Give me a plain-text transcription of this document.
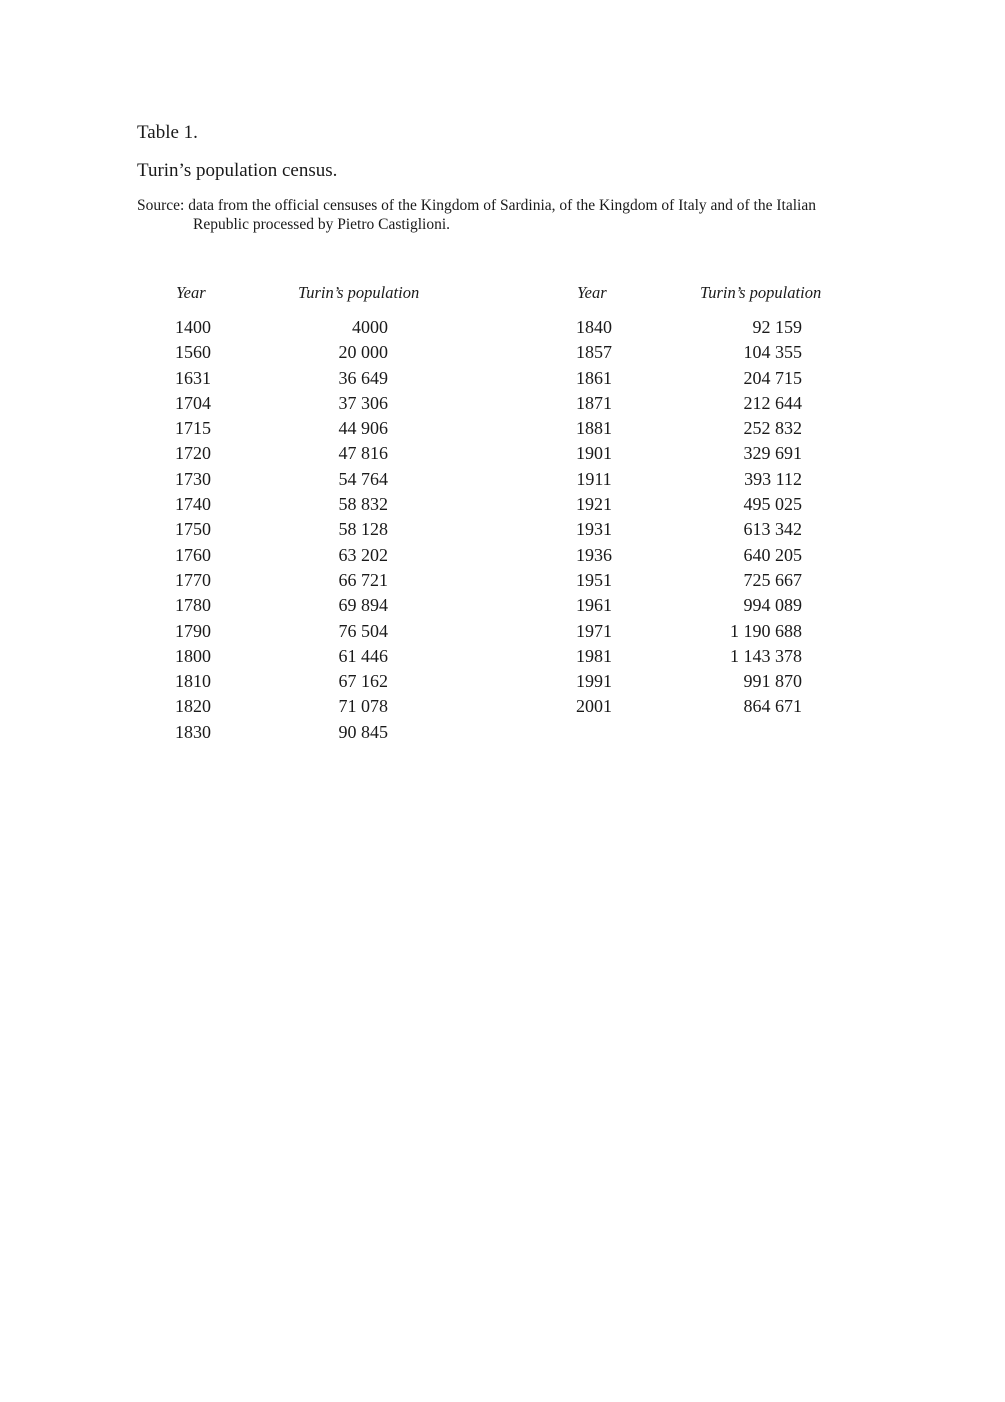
Table 1.
Turin’s population census.
Source: data from the official censuses of the Kingdom of Sardinia, of the Kingdom of Italy and of the Italian
Republic processed by Pietro Castiglioni.
Year	Turin’s population
1400	4000
1560	20 000
1631	36 649
1704	37 306
1715	44 906
1720	47 816
1730	54 764
1740	58 832
1750	58 128
1760	63 202
1770	66 721
1780	69 894
1790	76 504
1800	61 446
1810	67 162
1820	71 078
1830	90 845
Year	Turin’s population
1840	92 159
1857	104 355
1861	204 715
1871	212 644
1881	252 832
1901	329 691
1911	393 112
1921	495 025
1931	613 342
1936	640 205
1951	725 667
1961	994 089
1971	1 190 688
1981	1 143 378
1991	991 870
2001	864 671
